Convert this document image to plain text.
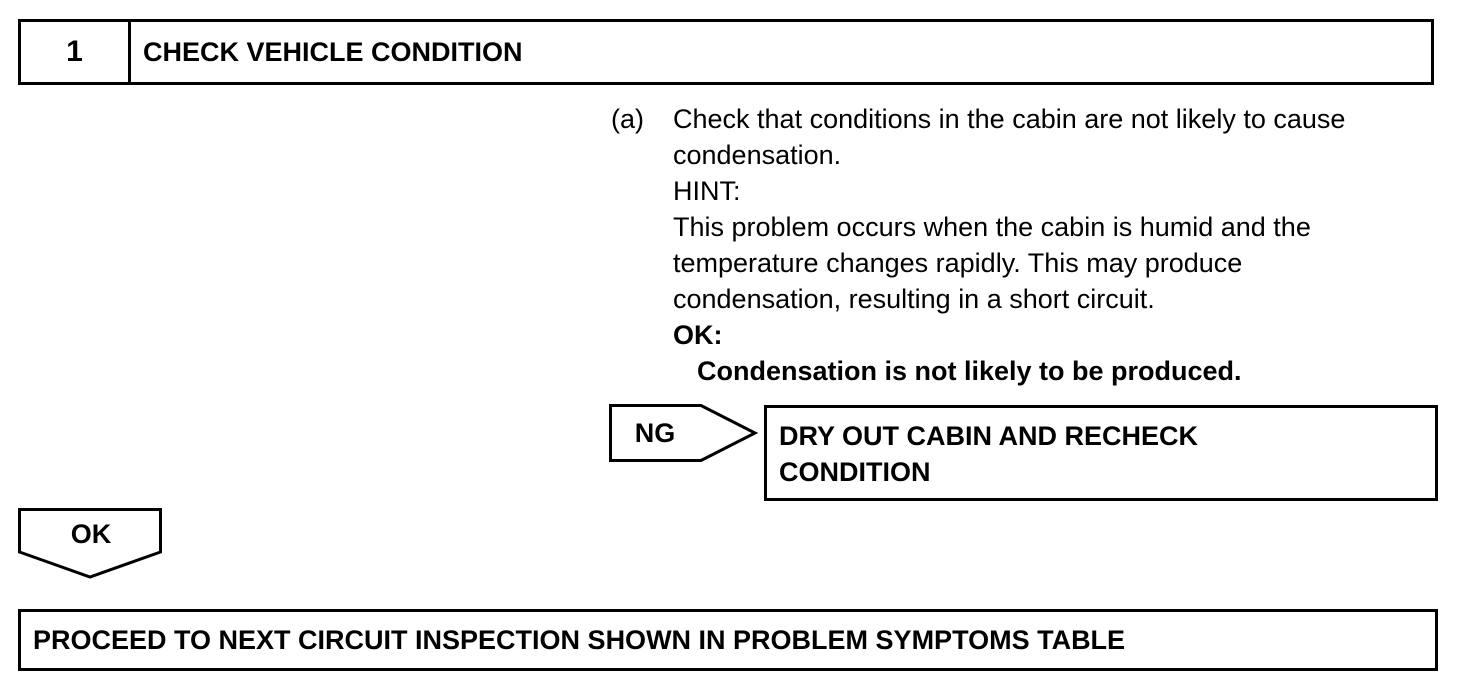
1	CHECK VEHICLE CONDITION
(a) Check that conditions in the cabin are not likely to cause
condensation.
HINT:
This problem occurs when the cabin is humid and the
temperature changes rapidly. This may produce
condensation, resulting in a short circuit.
OK:
Condensation is not likely to be produced.
NG	DRY OUT CABIN AND RECHECK
CONDITION
OK
PROCEED TO NEXT CIRCUIT INSPECTION SHOWN IN PROBLEM SYMPTOMS TABLE
